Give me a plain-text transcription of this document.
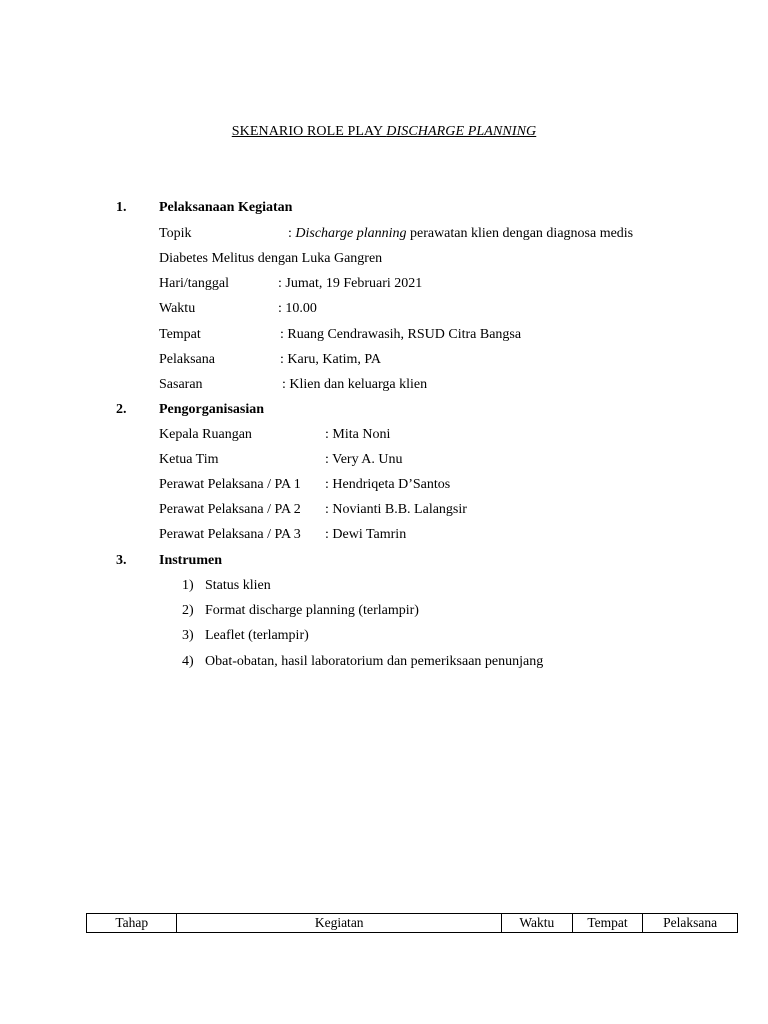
SKENARIO ROLE PLAY DISCHARGE PLANNING
1. Pelaksanaan Kegiatan
Topik	: Discharge planning perawatan klien dengan diagnosa medis
Diabetes Melitus dengan Luka Gangren
Hari/tanggal	: Jumat, 19 Februari 2021
Waktu	: 10.00
Tempat	: Ruang Cendrawasih, RSUD Citra Bangsa
Pelaksana	: Karu, Katim, PA
Sasaran	: Klien dan keluarga klien
2. Pengorganisasian
Kepala Ruangan	: Mita Noni
Ketua Tim	: Very A. Unu
Perawat Pelaksana / PA 1 : Hendriqeta D’Santos
Perawat Pelaksana / PA 2 : Novianti B.B. Lalangsir
Perawat Pelaksana / PA 3 : Dewi Tamrin
3. Instrumen
1) Status klien
2) Format discharge planning (terlampir)
3) Leaflet (terlampir)
4) Obat-obatan, hasil laboratorium dan pemeriksaan penunjang
Tahap	Kegiatan	Waktu	Tempat	Pelaksana
